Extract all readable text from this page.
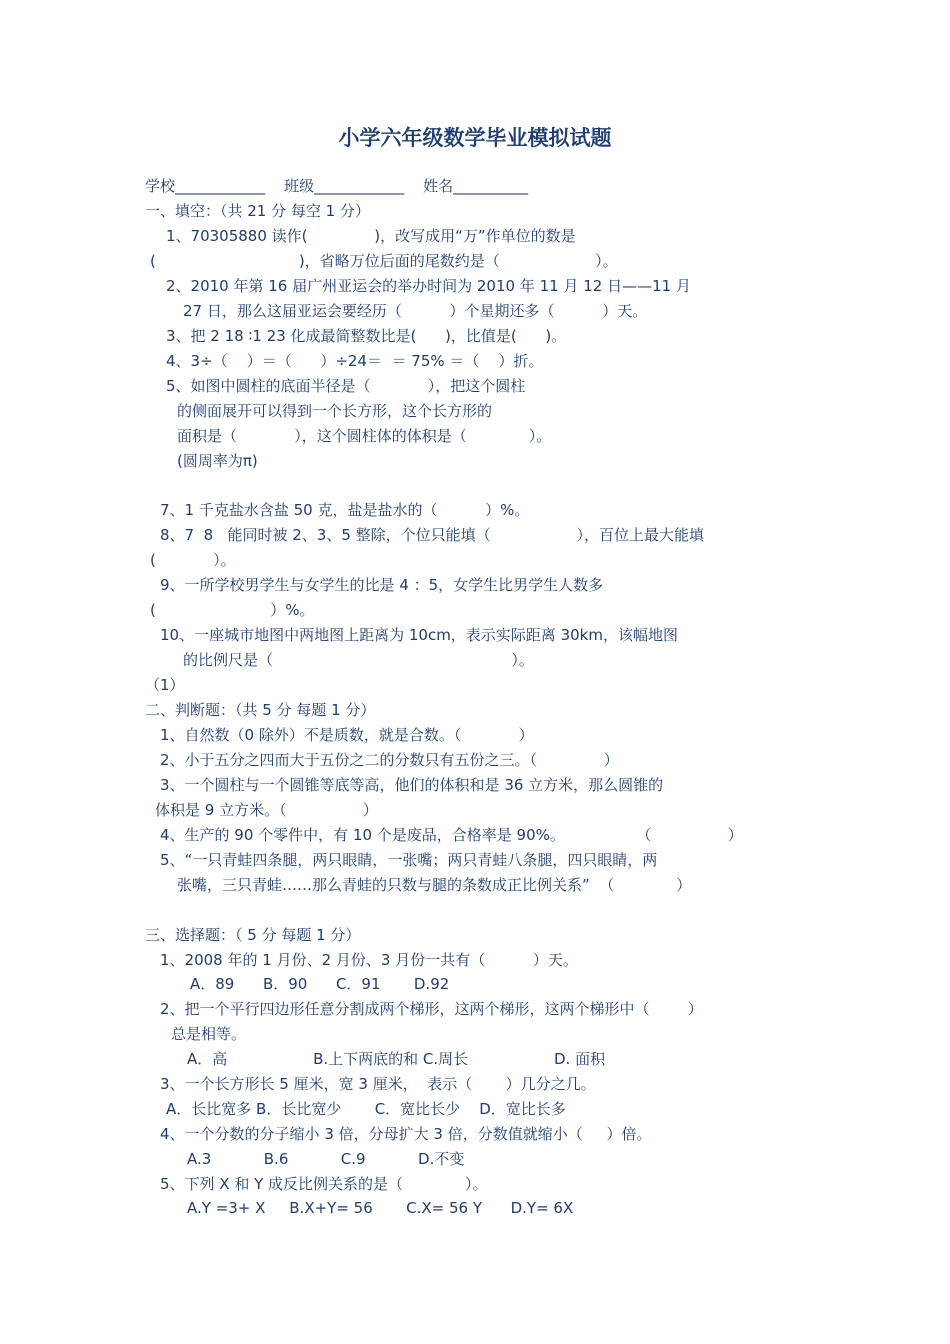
小学六年级数学毕业模拟试题
学校____________    班级____________    姓名__________
一、填空：（共 21 分 每空 1 分）
1、70305880 读作(              )，改写成用“万”作单位的数是
(                              )，省略万位后面的尾数约是（                    ）。
2、2010 年第 16 届广州亚运会的举办时间为 2010 年 11 月 12 日——11 月
27 日，那么这届亚运会要经历（          ）个星期还多（          ）天。
3、把 2 18 ∶1 23 化成最简整数比是(      )，比值是(      )。
4、3÷（    ）＝（      ）÷24＝  ＝ 75% ＝（    ）折。
5、如图中圆柱的底面半径是（            ），把这个圆柱
的侧面展开可以得到一个长方形，这个长方形的
面积是（            ），这个圆柱体的体积是（             ）。
(圆周率为π)
7、1 千克盐水含盐 50 克，盐是盐水的（          ）%。
8、7  8   能同时被 2、3、5 整除，个位只能填（                  ），百位上最大能填
(            ）。
9、一所学校男学生与女学生的比是 4 ：5，女学生比男学生人数多
(                        ）%。
10、一座城市地图中两地图上距离为 10cm，表示实际距离 30km，该幅地图
的比例尺是（                                                  ）。
（1）
二、判断题：（共 5 分 每题 1 分）
1、自然数（0 除外）不是质数，就是合数。（            ）
2、小于五分之四而大于五份之二的分数只有五份之三。（              ）
3、一个圆柱与一个圆锥等底等高，他们的体积和是 36 立方米，那么圆锥的
体积是 9 立方米。（                ）
4、生产的 90 个零件中，有 10 个是废品，合格率是 90%。               （                ）
5、“一只青蛙四条腿，两只眼睛，一张嘴；两只青蛙八条腿，四只眼睛，两
张嘴，三只青蛙……那么青蛙的只数与腿的条数成正比例关系”  （             ）
三、选择题：（ 5 分 每题 1 分）
1、2008 年的 1 月份、2 月份、3 月份一共有（          ）天。
A．89      B．90      C．91       D.92
2、把一个平行四边形任意分割成两个梯形，这两个梯形，这两个梯形中（        ）
总是相等。
A．高                  B.上下两底的和 C.周长                  D. 面积
3、一个长方形长 5 厘米，宽 3 厘米，  表示（       ）几分之几。
A．长比宽多 B．长比宽少       C．宽比长少    D．宽比长多
4、一个分数的分子缩小 3 倍，分母扩大 3 倍，分数值就缩小（     ）倍。
A.3           B.6           C.9           D.不变
5、下列 X 和 Y 成反比例关系的是（             ）。
A.Y =3+ X     B.X+Y= 56       C.X= 56 Y      D.Y= 6X
